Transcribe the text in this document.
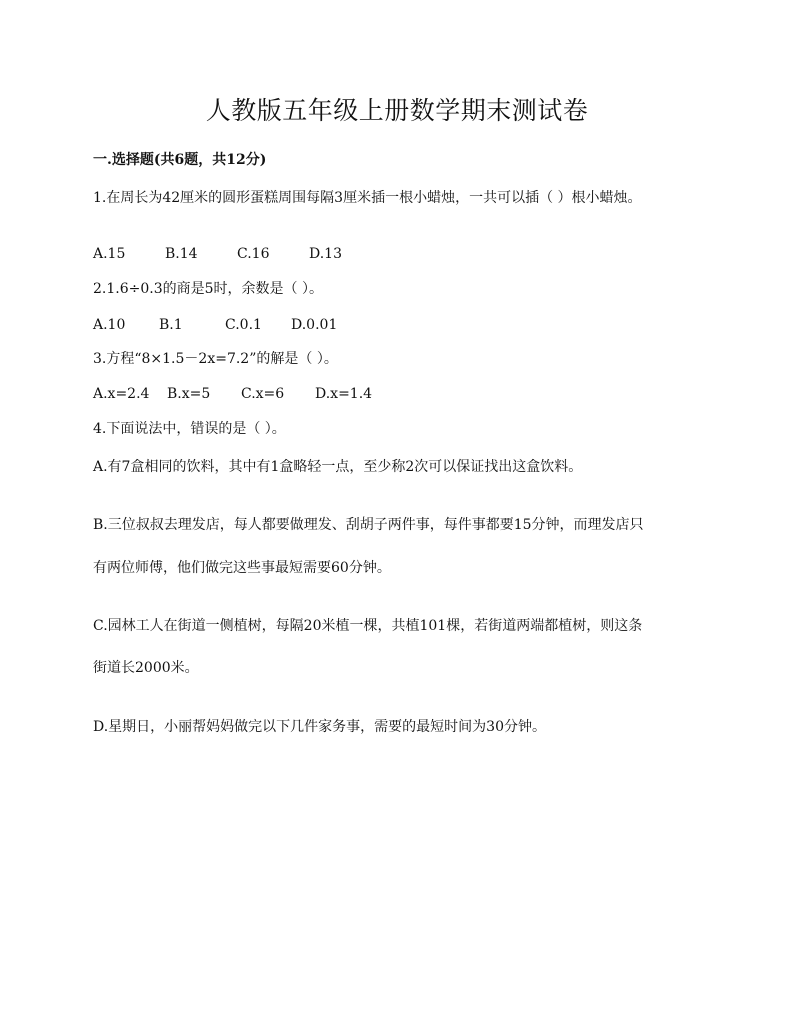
人教版五年级上册数学期末测试卷
一.选择题(共6题，共12分)
1.在周长为42厘米的圆形蛋糕周围每隔3厘米插一根小蜡烛，一共可以插（ ）根小蜡烛。
A.15	B.14	C.16	D.13
2.1.6÷0.3的商是5时，余数是（ ）。
A.10 B.1	C.0.1 D.0.01
3.方程“8×1.5－2x=7.2”的解是（ ）。
A.x=2.4 B.x=5 C.x=6 D.x=1.4
4.下面说法中，错误的是（ ）。
A.有7盒相同的饮料，其中有1盒略轻一点，至少称2次可以保证找出这盒饮料。
B.三位叔叔去理发店，每人都要做理发、刮胡子两件事，每件事都要15分钟，而理发店只
有两位师傅，他们做完这些事最短需要60分钟。
C.园林工人在街道一侧植树，每隔20米植一棵，共植101棵，若街道两端都植树，则这条
街道长2000米。
D.星期日，小丽帮妈妈做完以下几件家务事，需要的最短时间为30分钟。
